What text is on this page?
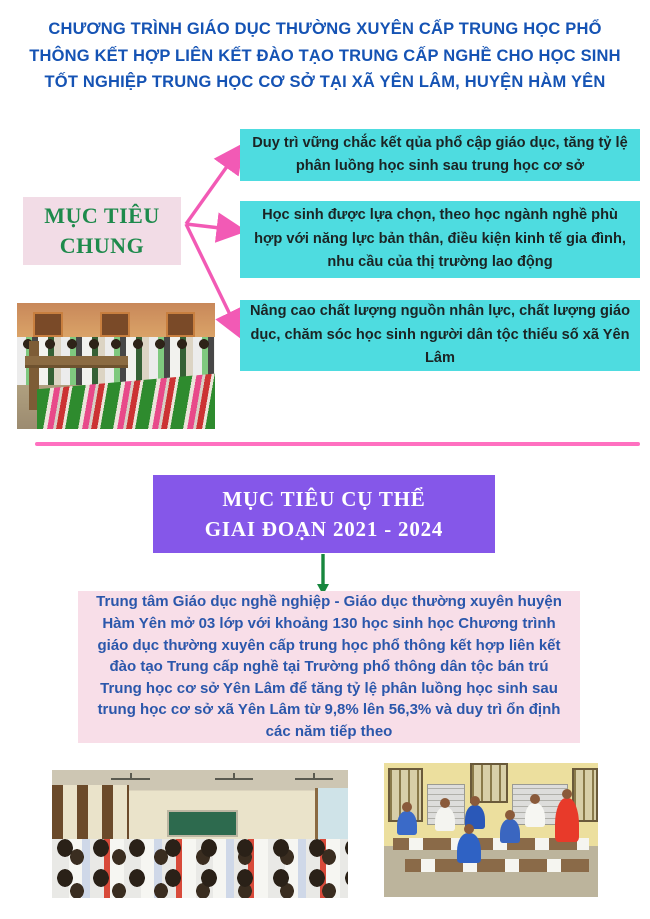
CHƯƠNG TRÌNH GIÁO DỤC THƯỜNG XUYÊN CẤP TRUNG HỌC PHỔ THÔNG KẾT HỢP LIÊN KẾT ĐÀO TẠO TRUNG CẤP NGHỀ CHO HỌC SINH TỐT NGHIỆP TRUNG HỌC CƠ SỞ TẠI XÃ YÊN LÂM, HUYỆN HÀM YÊN
MỤC TIÊU CHUNG
Duy trì vững chắc kết qủa phổ cập giáo dục, tăng tỷ lệ phân luồng học sinh sau trung học cơ sở
Học sinh được lựa chọn, theo học ngành nghề phù hợp với năng lực bản thân, điều kiện kinh tế gia đình, nhu cầu của thị trường lao động
Nâng cao chất lượng nguồn nhân lực, chất lượng giáo dục, chăm sóc học sinh người dân tộc thiểu số xã Yên Lâm
MỤC TIÊU CỤ THỂ
GIAI ĐOẠN 2021 - 2024
Trung tâm Giáo dục nghề nghiệp - Giáo dục thường xuyên huyện Hàm Yên mở 03 lớp với khoảng 130 học sinh học Chương trình giáo dục thường xuyên cấp trung học phổ thông kết hợp liên kết đào tạo Trung cấp nghề tại Trường phổ thông dân tộc bán trú Trung học cơ sở Yên Lâm để tăng tỷ lệ phân luồng học sinh sau trung học cơ sở xã Yên Lâm từ 9,8% lên 56,3% và duy trì ổn định các năm tiếp theo
